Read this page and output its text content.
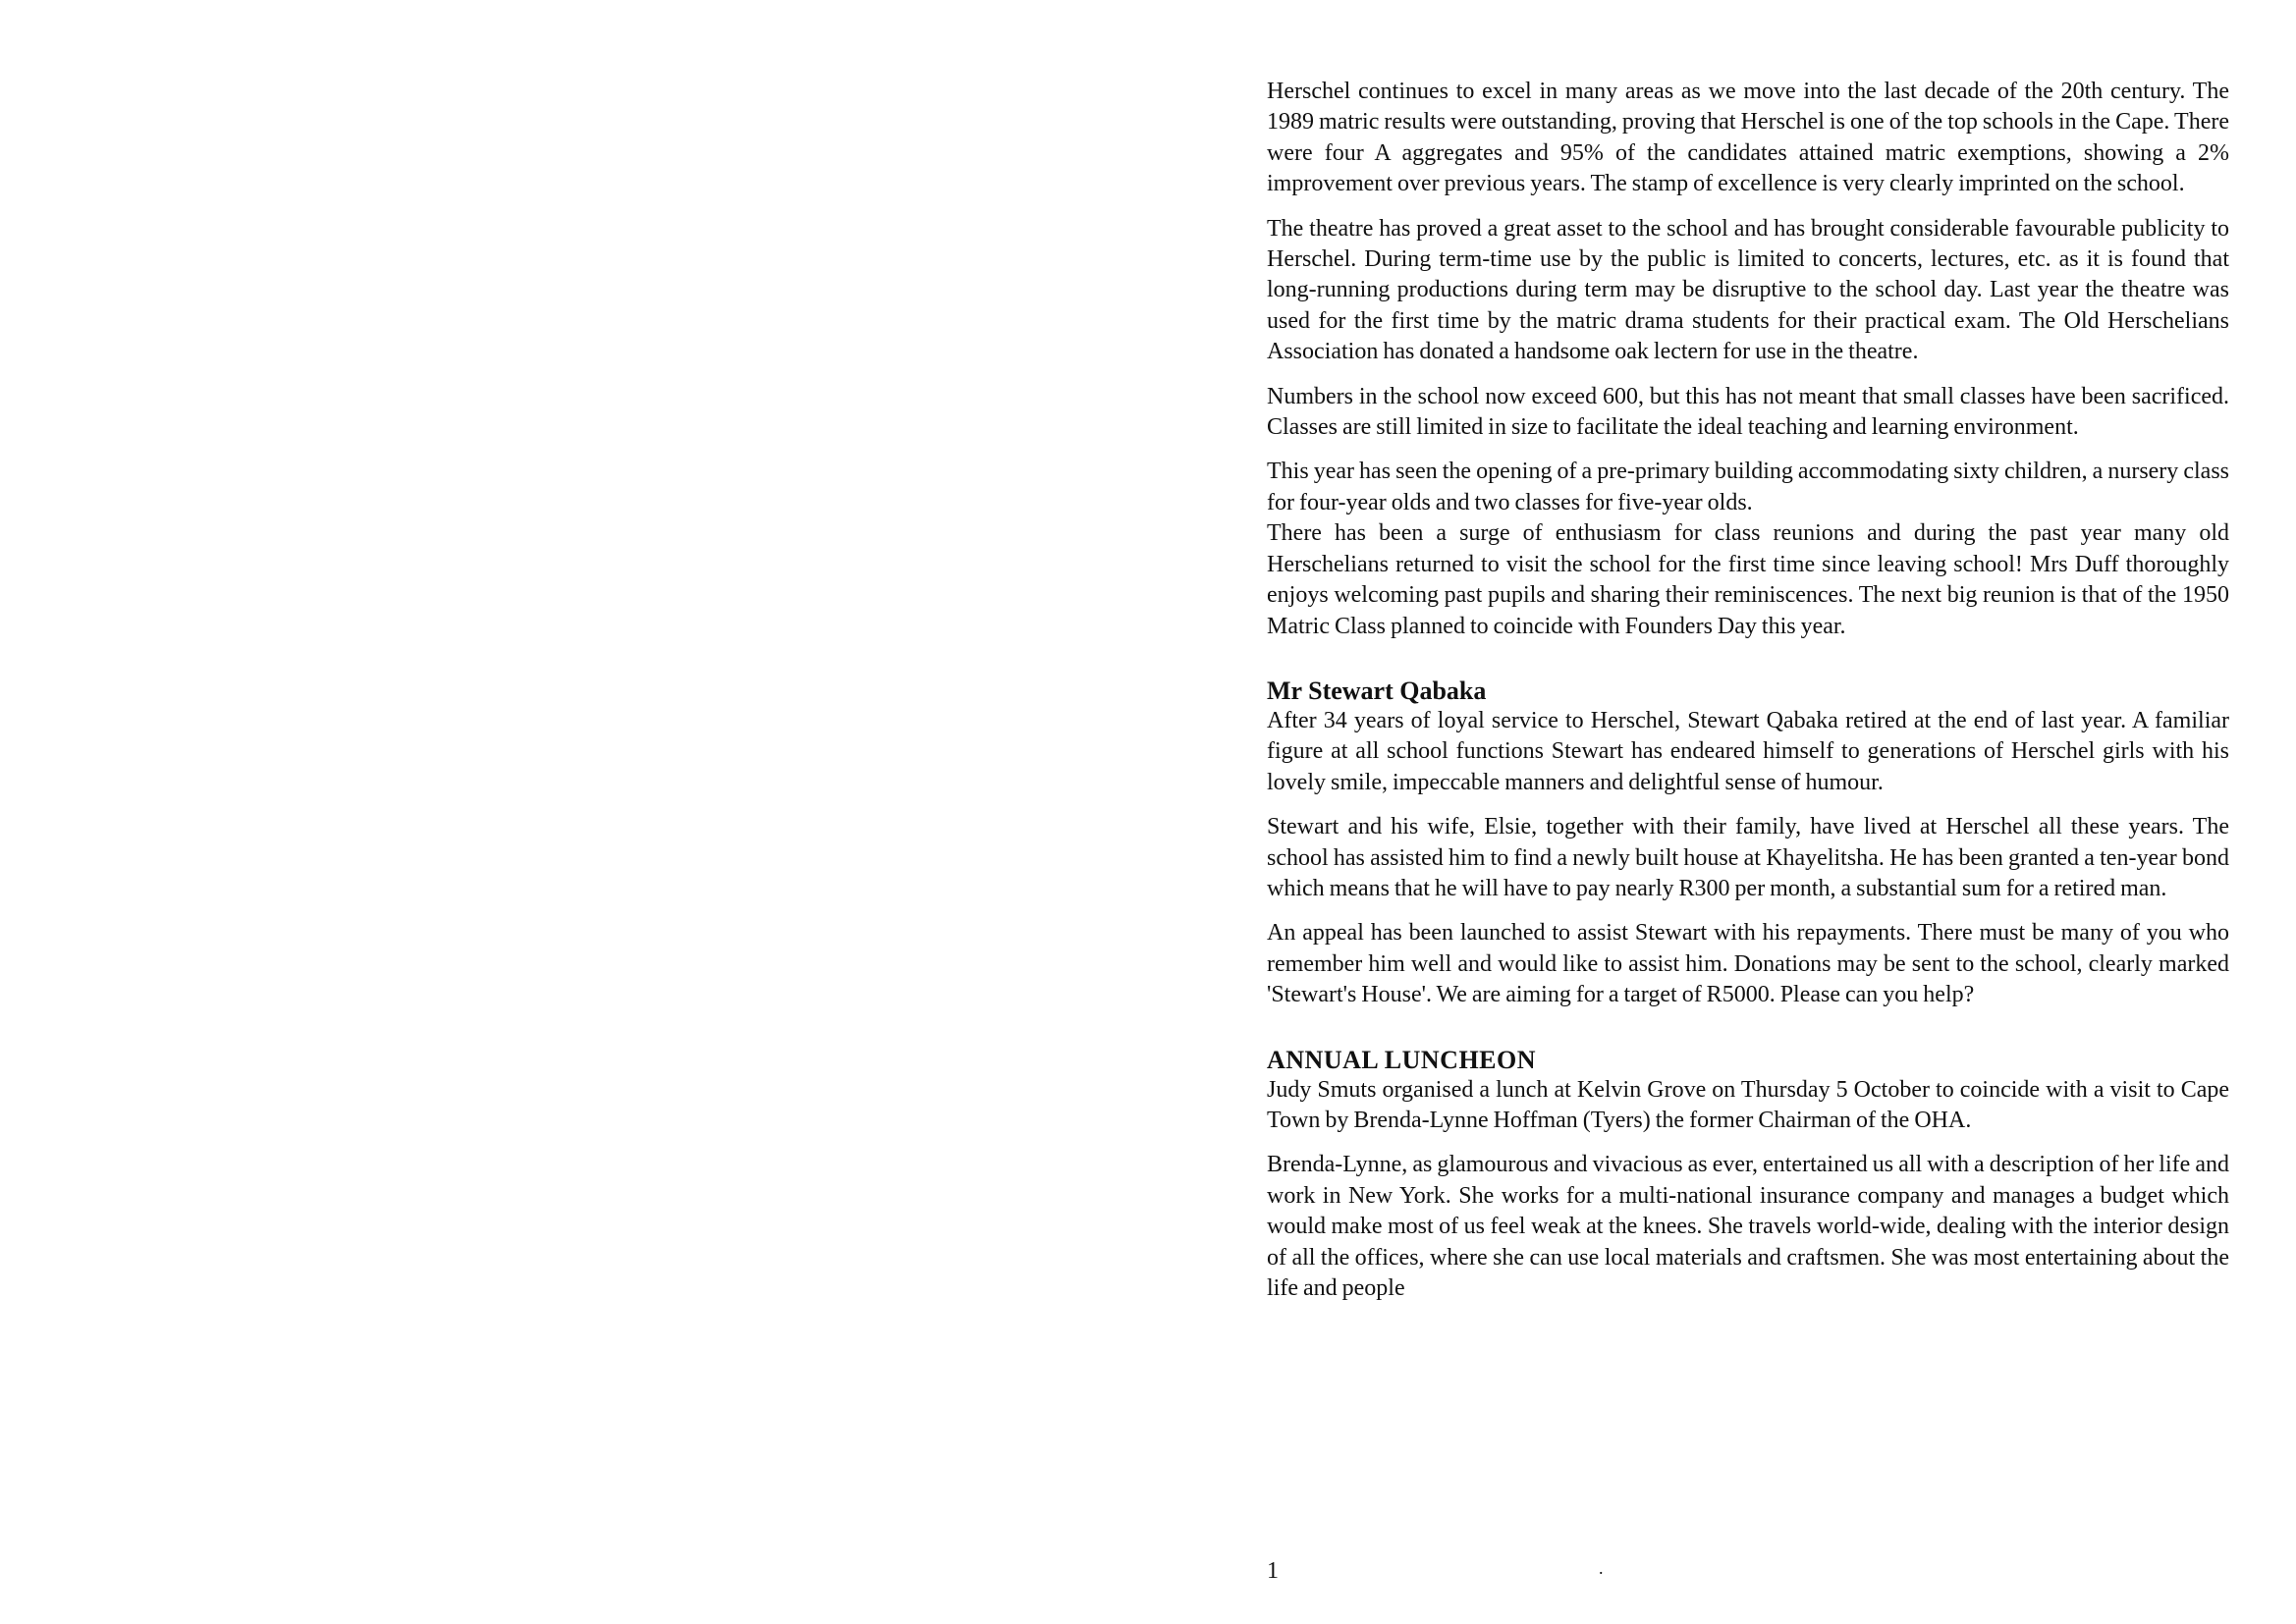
Herschel continues to excel in many areas as we move into the last decade of the 20th century. The 1989 matric results were outstanding, proving that Herschel is one of the top schools in the Cape. There were four A aggregates and 95% of the candidates attained matric exemptions, showing a 2% improvement over previous years. The stamp of excellence is very clearly imprinted on the school.

The theatre has proved a great asset to the school and has brought considerable favourable publicity to Herschel. During term-time use by the public is limited to concerts, lectures, etc. as it is found that long-running productions during term may be disruptive to the school day. Last year the theatre was used for the first time by the matric drama students for their practical exam. The Old Herschelians Association has donated a handsome oak lectern for use in the theatre.

Numbers in the school now exceed 600, but this has not meant that small classes have been sacrificed. Classes are still limited in size to facilitate the ideal teaching and learning environment.

This year has seen the opening of a pre-primary building accommodating sixty children, a nursery class for four-year olds and two classes for five-year olds.

There has been a surge of enthusiasm for class reunions and during the past year many old Herschelians returned to visit the school for the first time since leaving school! Mrs Duff thoroughly enjoys welcoming past pupils and sharing their reminiscences. The next big reunion is that of the 1950 Matric Class planned to coincide with Founders Day this year.

Mr Stewart Qabaka

After 34 years of loyal service to Herschel, Stewart Qabaka retired at the end of last year. A familiar figure at all school functions Stewart has endeared himself to generations of Herschel girls with his lovely smile, impeccable manners and delightful sense of humour.

Stewart and his wife, Elsie, together with their family, have lived at Herschel all these years. The school has assisted him to find a newly built house at Khayelitsha. He has been granted a ten-year bond which means that he will have to pay nearly R300 per month, a substantial sum for a retired man.

An appeal has been launched to assist Stewart with his repayments. There must be many of you who remember him well and would like to assist him. Donations may be sent to the school, clearly marked 'Stewart's House'. We are aiming for a target of R5000. Please can you help?

ANNUAL LUNCHEON

Judy Smuts organised a lunch at Kelvin Grove on Thursday 5 October to coincide with a visit to Cape Town by Brenda-Lynne Hoffman (Tyers) the former Chairman of the OHA.

Brenda-Lynne, as glamourous and vivacious as ever, entertained us all with a description of her life and work in New York. She works for a multi-national insurance company and manages a budget which would make most of us feel weak at the knees. She travels world-wide, dealing with the interior design of all the offices, where she can use local materials and craftsmen. She was most entertaining about the life and people

1	.
